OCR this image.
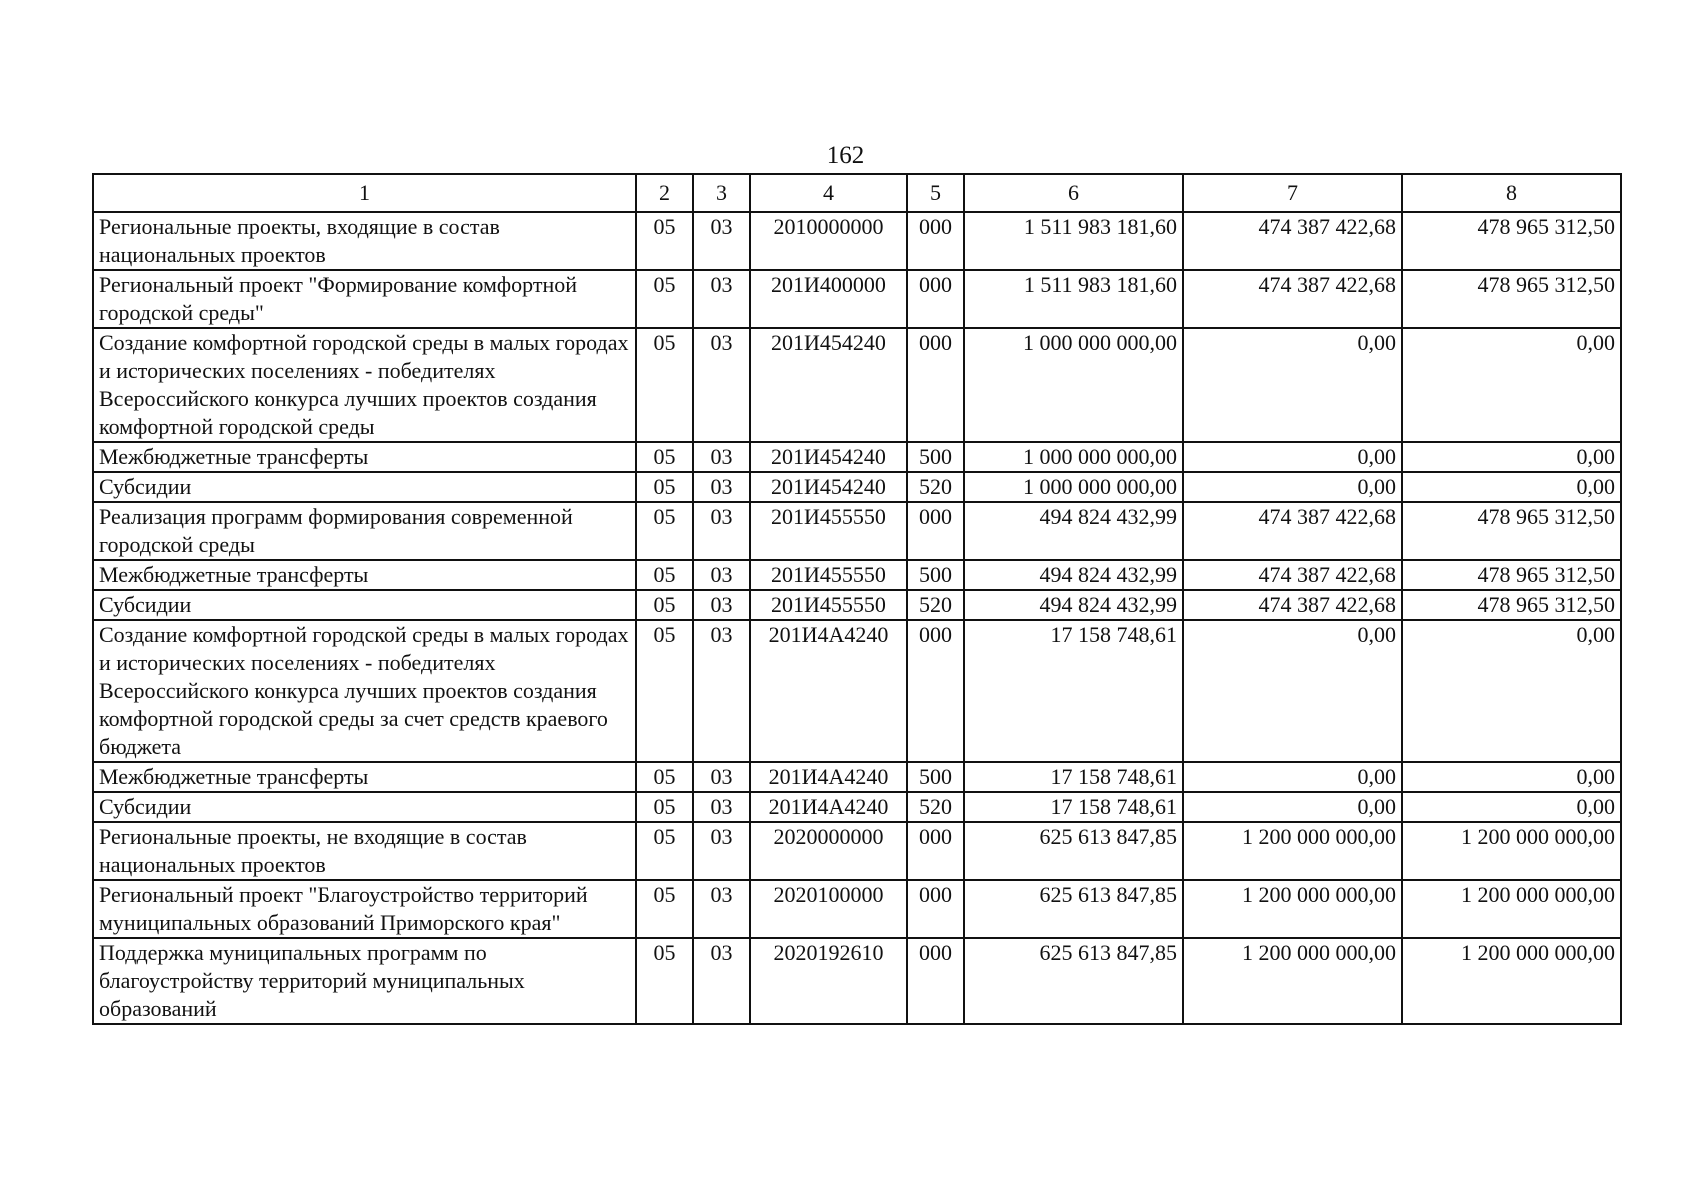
162
1	2	3	4	5	6	7	8
Региональные проекты, входящие в состав национальных проектов	05	03	2010000000	000	1 511 983 181,60	474 387 422,68	478 965 312,50
Региональный проект "Формирование комфортной городской среды"	05	03	201И400000	000	1 511 983 181,60	474 387 422,68	478 965 312,50
Создание комфортной городской среды в малых городах и исторических поселениях - победителях Всероссийского конкурса лучших проектов создания комфортной городской среды	05	03	201И454240	000	1 000 000 000,00	0,00	0,00
Межбюджетные трансферты	05	03	201И454240	500	1 000 000 000,00	0,00	0,00
Субсидии	05	03	201И454240	520	1 000 000 000,00	0,00	0,00
Реализация программ формирования современной городской среды	05	03	201И455550	000	494 824 432,99	474 387 422,68	478 965 312,50
Межбюджетные трансферты	05	03	201И455550	500	494 824 432,99	474 387 422,68	478 965 312,50
Субсидии	05	03	201И455550	520	494 824 432,99	474 387 422,68	478 965 312,50
Создание комфортной городской среды в малых городах и исторических поселениях - победителях Всероссийского конкурса лучших проектов создания комфортной городской среды за счет средств краевого бюджета	05	03	201И4А4240	000	17 158 748,61	0,00	0,00
Межбюджетные трансферты	05	03	201И4А4240	500	17 158 748,61	0,00	0,00
Субсидии	05	03	201И4А4240	520	17 158 748,61	0,00	0,00
Региональные проекты, не входящие в состав национальных проектов	05	03	2020000000	000	625 613 847,85	1 200 000 000,00	1 200 000 000,00
Региональный проект "Благоустройство территорий муниципальных образований Приморского края"	05	03	2020100000	000	625 613 847,85	1 200 000 000,00	1 200 000 000,00
Поддержка муниципальных программ по благоустройству территорий муниципальных образований	05	03	2020192610	000	625 613 847,85	1 200 000 000,00	1 200 000 000,00
